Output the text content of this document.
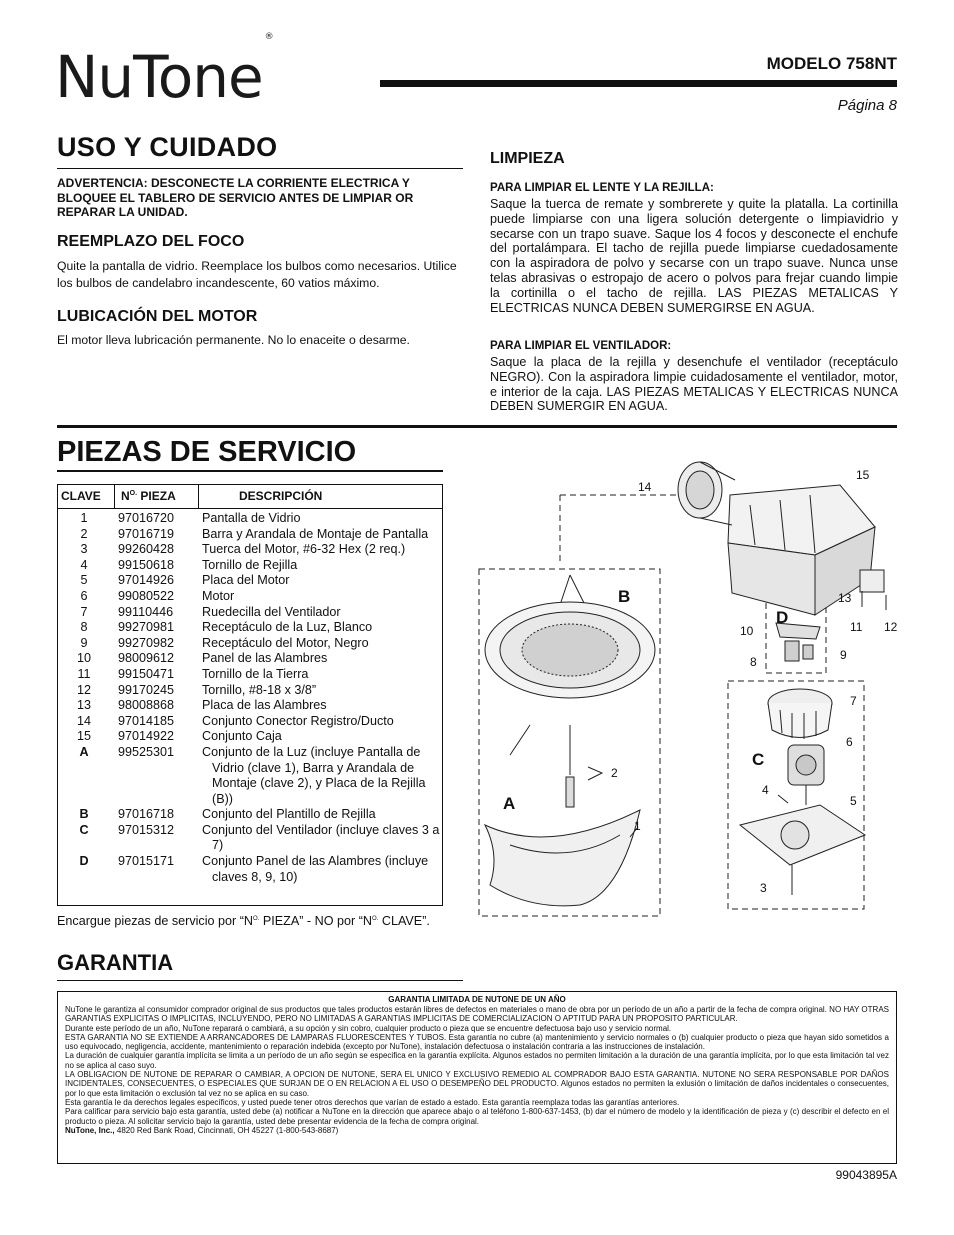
NuTone®
MODELO 758NT
Página 8
USO Y CUIDADO
ADVERTENCIA: DESCONECTE LA CORRIENTE ELECTRICA Y BLOQUEE EL TABLERO DE SERVICIO ANTES DE LIMPIAR OR REPARAR LA UNIDAD.
REEMPLAZO DEL FOCO
Quite la pantalla de vidrio. Reemplace los bulbos como necesarios. Utilice los bulbos de candelabro incandescente, 60 vatios máximo.
LUBICACIÓN DEL MOTOR
El motor lleva lubricación permanente. No lo enaceite o desarme.
LIMPIEZA
PARA LIMPIAR EL LENTE Y LA REJILLA:
Saque la tuerca de remate y sombrerete y quite la platalla. La cortinilla puede limpiarse con una ligera solución detergente o limpiavidrio y secarse con un trapo suave. Saque los 4 focos y desconecte el enchufe del portalámpara. El tacho de rejilla puede limpiarse cuedadosamente con la aspiradora de polvo y secarse con un trapo suave. Nunca unse telas abrasivas o estropajo de acero o polvos para frejar cuando limpie la cortinilla o el tacho de rejilla. LAS PIEZAS METALICAS Y ELECTRICAS NUNCA DEBEN SUMERGIRSE EN AGUA.
PARA LIMPIAR EL VENTILADOR:
Saque la placa de la rejilla y desenchufe el ventilador (receptáculo NEGRO). Con la aspiradora limpie cuidadosamente el ventilador, motor, e interior de la caja. LAS PIEZAS METALICAS Y ELECTRICAS NUNCA DEBEN SUMERGIR EN AGUA.
PIEZAS DE SERVICIO
CLAVE $N^{O.}$ PIEZA	DESCRIPCIÓN
1	97016720 Pantalla de Vidrio
2	97016719 Barra y Arandala de Montaje de Pantalla
3	99260428 Tuerca del Motor, #6-32 Hex (2 req.)
4	99150618 Tornillo de Rejilla
5	97014926 Placa del Motor
6	99080522 Motor
7	99110446 Ruedecilla del Ventilador
8	99270981 Receptáculo de la Luz, Blanco
9	99270982 Receptáculo del Motor, Negro
10	98009612 Panel de las Alambres
11	99150471 Tornillo de la Tierra
12	99170245 Tornillo, #8-18 x 3/8”
13	98008868 Placa de las Alambres
14	97014185 Conjunto Conector Registro/Ducto
15	97014922 Conjunto Caja
A	99525301 Conjunto de la Luz (incluye Pantalla de Vidrio (clave 1), Barra y Arandala de Montaje (clave 2), y Placa de la Rejilla (B))
B	97016718 Conjunto del Plantillo de Rejilla
C	97015312 Conjunto del Ventilador (incluye claves 3 a 7)
D	97015171 Conjunto Panel de las Alambres (incluye claves 8, 9, 10)
Encargue piezas de servicio por “$N^{O.}$ PIEZA” - NO por “$N^{O.}$ CLAVE”.
14
15
13
11 12
10
9
8
7
6
5
4
3
2
1
A
B
C
D
GARANTIA
GARANTIA LIMITADA DE NUTONE DE UN AÑO

NuTone le garantiza al consumidor comprador original de sus productos que tales productos estarán libres de defectos en materiales o mano de obra por un período de un año a partir de la fecha de compra original. NO HAY OTRAS GARANTIAS EXPLICITAS O IMPLICITAS, INCLUYENDO, PERO NO LIMITADAS A GARANTIAS IMPLICITAS DE COMERCIALIZACION O APTITUD PARA UN PROPOSITO PARTICULAR.

Durante este período de un año, NuTone reparará o cambiará, a su opción y sin cobro, cualquier producto o pieza que se encuentre defectuosa bajo uso y servicio normal.

ESTA GARANTIA NO SE EXTIENDE A ARRANCADORES DE LAMPARAS FLUORESCENTES Y TUBOS. Esta garantía no cubre (a) mantenimiento y servicio normales o (b) cualquier producto o pieza que hayan sido sometidos a uso equivocado, negligencia, accidente, mantenimiento o reparación indebida (excepto por NuTone), instalación defectuosa o instalación contraria a las instrucciones de instalación.

La duración de cualquier garantía implícita se limita a un período de un año según se especifica en la garantía explícita. Algunos estados no permiten limitación a la duración de una garantía implícita, por lo que esta limitación tal vez no se aplica al caso suyo.

LA OBLIGACION DE NUTONE DE REPARAR O CAMBIAR, A OPCION DE NUTONE, SERA EL UNICO Y EXCLUSIVO REMEDIO AL COMPRADOR BAJO ESTA GARANTIA. NUTONE NO SERA RESPONSABLE POR DAÑOS INCIDENTALES, CONSECUENTES, O ESPECIALES QUE SURJAN DE O EN RELACION A EL USO O DESEMPEÑO DEL PRODUCTO. Algunos estados no permiten la exlusión o limitación de daños incidentales o consecuentes, por lo que esta limitación o exclusión tal vez no se aplica en su caso.

Esta garantía le da derechos legales específicos, y usted puede tener otros derechos que varían de estado a estado. Esta garantía reemplaza todas las garantías anteriores.

Para calificar para servicio bajo esta garantía, usted debe (a) notificar a NuTone en la dirección que aparece abajo o al teléfono 1-800-637-1453, (b) dar el número de modelo y la identificación de pieza y (c) describir el defecto en el producto o pieza. Al solicitar servicio bajo la garantía, usted debe presentar evidencia de la fecha de compra original.

NuTone, Inc., 4820 Red Bank Road, Cincinnati, OH 45227 (1-800-543-8687)

99043895A
